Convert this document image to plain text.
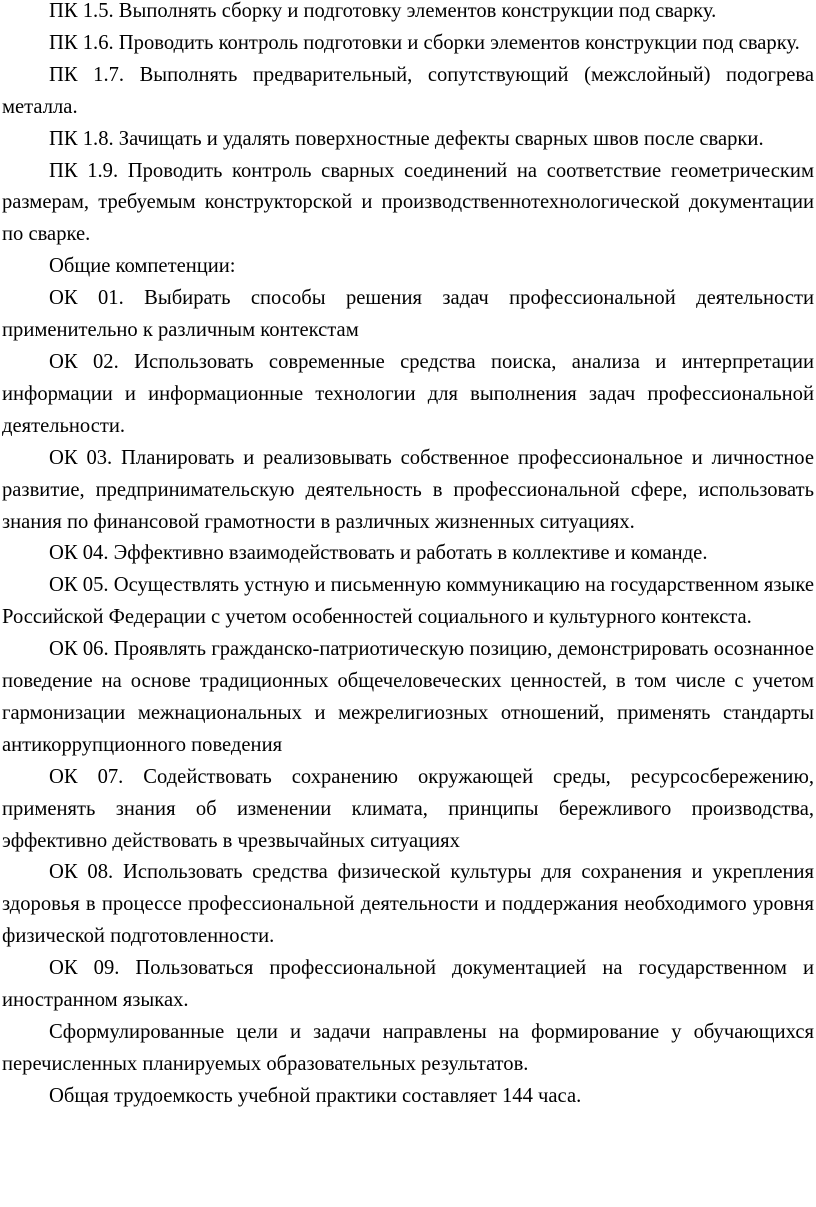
ПК 1.5. Выполнять сборку и подготовку элементов конструкции под сварку.

ПК 1.6. Проводить контроль подготовки и сборки элементов конструкции под сварку.

ПК 1.7. Выполнять предварительный, сопутствующий (межслойный) подогрева металла.

ПК 1.8. Зачищать и удалять поверхностные дефекты сварных швов после сварки.

ПК 1.9. Проводить контроль сварных соединений на соответствие геометрическим размерам, требуемым конструкторской и производственнотехнологической документации по сварке.

Общие компетенции:

ОК 01. Выбирать способы решения задач профессиональной деятельности применительно к различным контекстам

ОК 02. Использовать современные средства поиска, анализа и интерпретации информации и информационные технологии для выполнения задач профессиональной деятельности.

ОК 03. Планировать и реализовывать собственное профессиональное и личностное развитие, предпринимательскую деятельность в профессиональной сфере, использовать знания по финансовой грамотности в различных жизненных ситуациях.

ОК 04. Эффективно взаимодействовать и работать в коллективе и команде.

ОК 05. Осуществлять устную и письменную коммуникацию на государственном языке Российской Федерации с учетом особенностей социального и культурного контекста.

ОК 06. Проявлять гражданско-патриотическую позицию, демонстрировать осознанное поведение на основе традиционных общечеловеческих ценностей, в том числе с учетом гармонизации межнациональных и межрелигиозных отношений, применять стандарты антикоррупционного поведения

ОК 07. Содействовать сохранению окружающей среды, ресурсосбережению, применять знания об изменении климата, принципы бережливого производства, эффективно действовать в чрезвычайных ситуациях

ОК 08. Использовать средства физической культуры для сохранения и укрепления здоровья в процессе профессиональной деятельности и поддержания необходимого уровня физической подготовленности.

ОК 09. Пользоваться профессиональной документацией на государственном и иностранном языках.

Сформулированные цели и задачи направлены на формирование у обучающихся перечисленных планируемых образовательных результатов.

Общая трудоемкость учебной практики составляет 144 часа.
